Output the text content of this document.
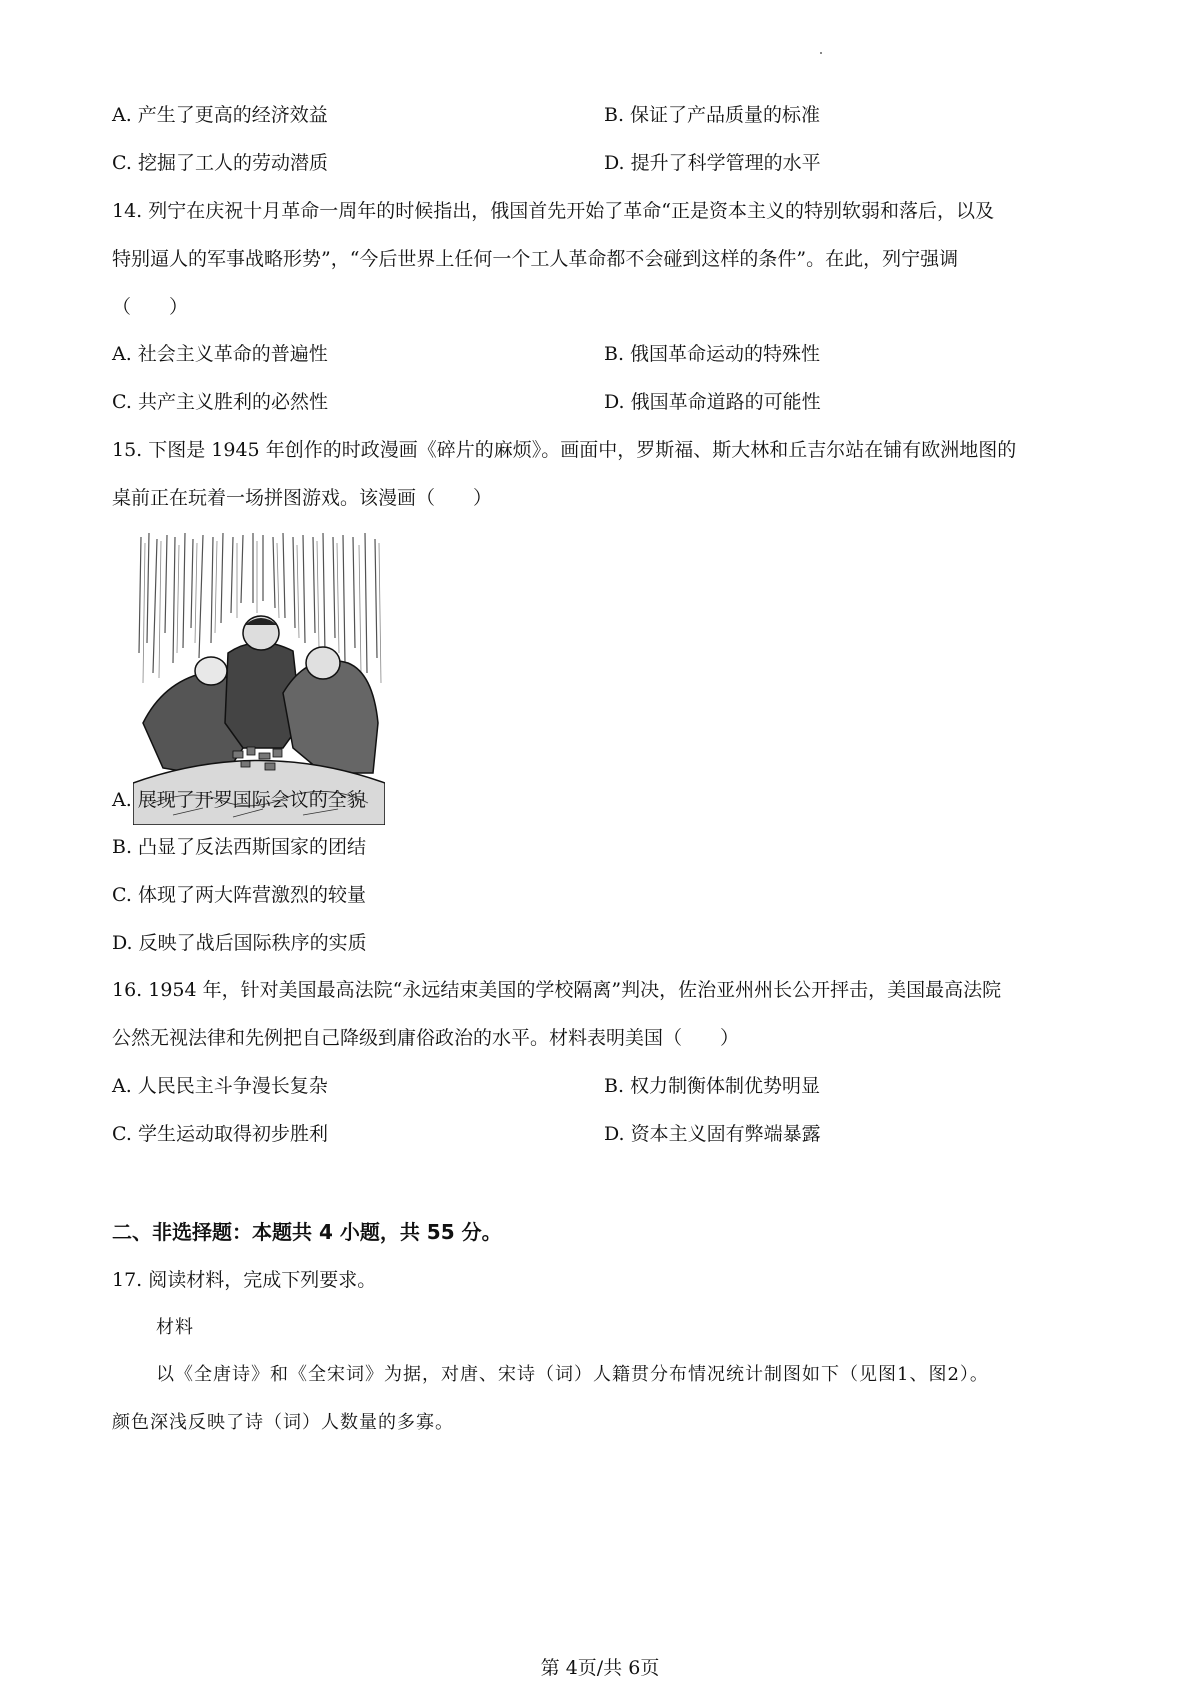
A. 产生了更高的经济效益	B. 保证了产品质量的标准
C. 挖掘了工人的劳动潜质	D. 提升了科学管理的水平
14. 列宁在庆祝十月革命一周年的时候指出，俄国首先开始了革命“正是资本主义的特别软弱和落后，以及
特别逼人的军事战略形势”，“今后世界上任何一个工人革命都不会碰到这样的条件”。在此，列宁强调
（　　）
A. 社会主义革命的普遍性	B. 俄国革命运动的特殊性
C. 共产主义胜利的必然性	D. 俄国革命道路的可能性
15. 下图是 1945 年创作的时政漫画《碎片的麻烦》。画面中，罗斯福、斯大林和丘吉尔站在铺有欧洲地图的
桌前正在玩着一场拼图游戏。该漫画（　　）
A. 展现了开罗国际会议的全貌
B. 凸显了反法西斯国家的团结
C. 体现了两大阵营激烈的较量
D. 反映了战后国际秩序的实质
16. 1954 年，针对美国最高法院“永远结束美国的学校隔离”判决，佐治亚州州长公开抨击，美国最高法院
公然无视法律和先例把自己降级到庸俗政治的水平。材料表明美国（　　）
A. 人民民主斗争漫长复杂	B. 权力制衡体制优势明显
C. 学生运动取得初步胜利	D. 资本主义固有弊端暴露
二、非选择题：本题共 4 小题，共 55 分。
17. 阅读材料，完成下列要求。
材料
以《全唐诗》和《全宋词》为据，对唐、宋诗（词）人籍贯分布情况统计制图如下（见图1、图2）。
颜色深浅反映了诗（词）人数量的多寡。
第 4页/共 6页
